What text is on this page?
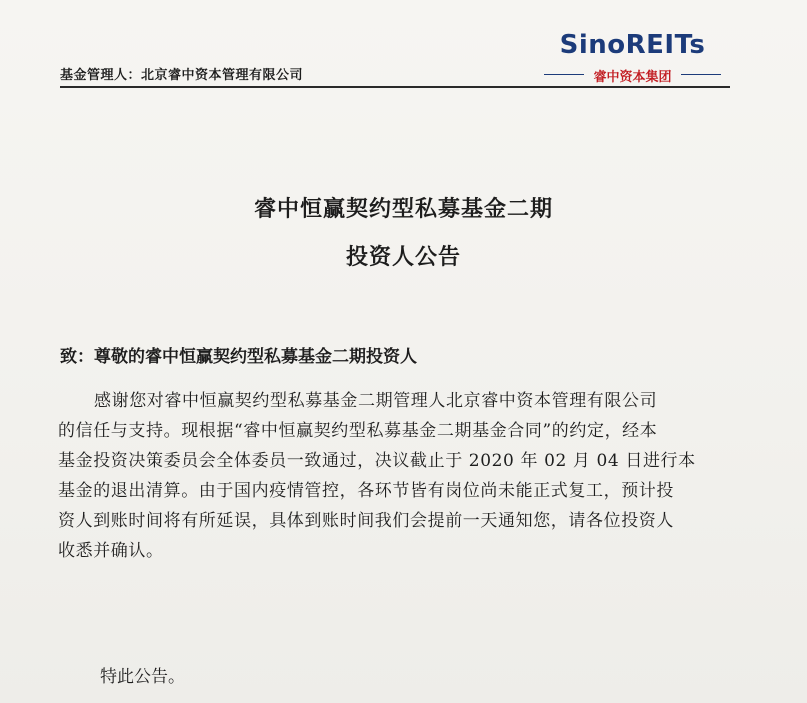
基金管理人：北京睿中资本管理有限公司
SinoREITs
睿中资本集团
睿中恒赢契约型私募基金二期
投资人公告
致：尊敬的睿中恒赢契约型私募基金二期投资人
感谢您对睿中恒赢契约型私募基金二期管理人北京睿中资本管理有限公司
的信任与支持。现根据“睿中恒赢契约型私募基金二期基金合同”的约定，经本
基金投资决策委员会全体委员一致通过，决议截止于 2020 年 02 月 04 日进行本
基金的退出清算。由于国内疫情管控，各环节皆有岗位尚未能正式复工，预计投
资人到账时间将有所延误，具体到账时间我们会提前一天通知您，请各位投资人
收悉并确认。
特此公告。
